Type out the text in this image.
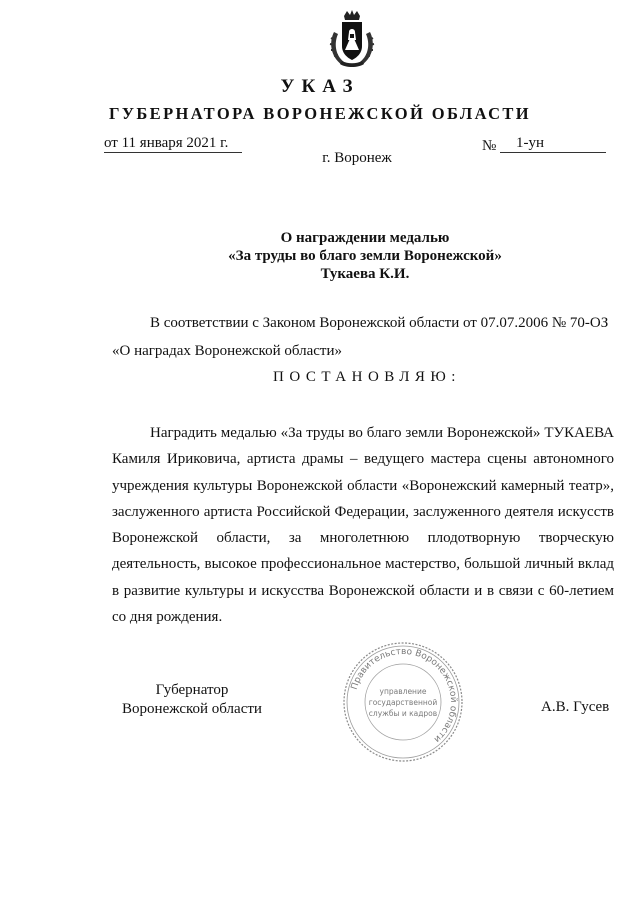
УКАЗ
ГУБЕРНАТОРА ВОРОНЕЖСКОЙ ОБЛАСТИ
от 11 января 2021 г.	№	1-ун
г. Воронеж
О награждении медалью
«За труды во благо земли Воронежской»
Тукаева К.И.
В соответствии с Законом Воронежской области от 07.07.2006 № 70-ОЗ
«О наградах Воронежской области»
ПОСТАНОВЛЯЮ:
Наградить медалью «За труды во благо земли Воронежской» ТУКАЕВА Камиля Ириковича, артиста драмы – ведущего мастера сцены автономного учреждения культуры Воронежской области «Воронежский камерный театр», заслуженного артиста Российской Федерации, заслуженного деятеля искусств Воронежской области, за многолетнюю плодотворную творческую деятельность, высокое профессиональное мастерство, большой личный вклад в развитие культуры и искусства Воронежской области и в связи с 60-летием со дня рождения.
Губернатор
Воронежской области	А.В. Гусев
Правительство Воронежской области
управление
государственной
службы и кадров
